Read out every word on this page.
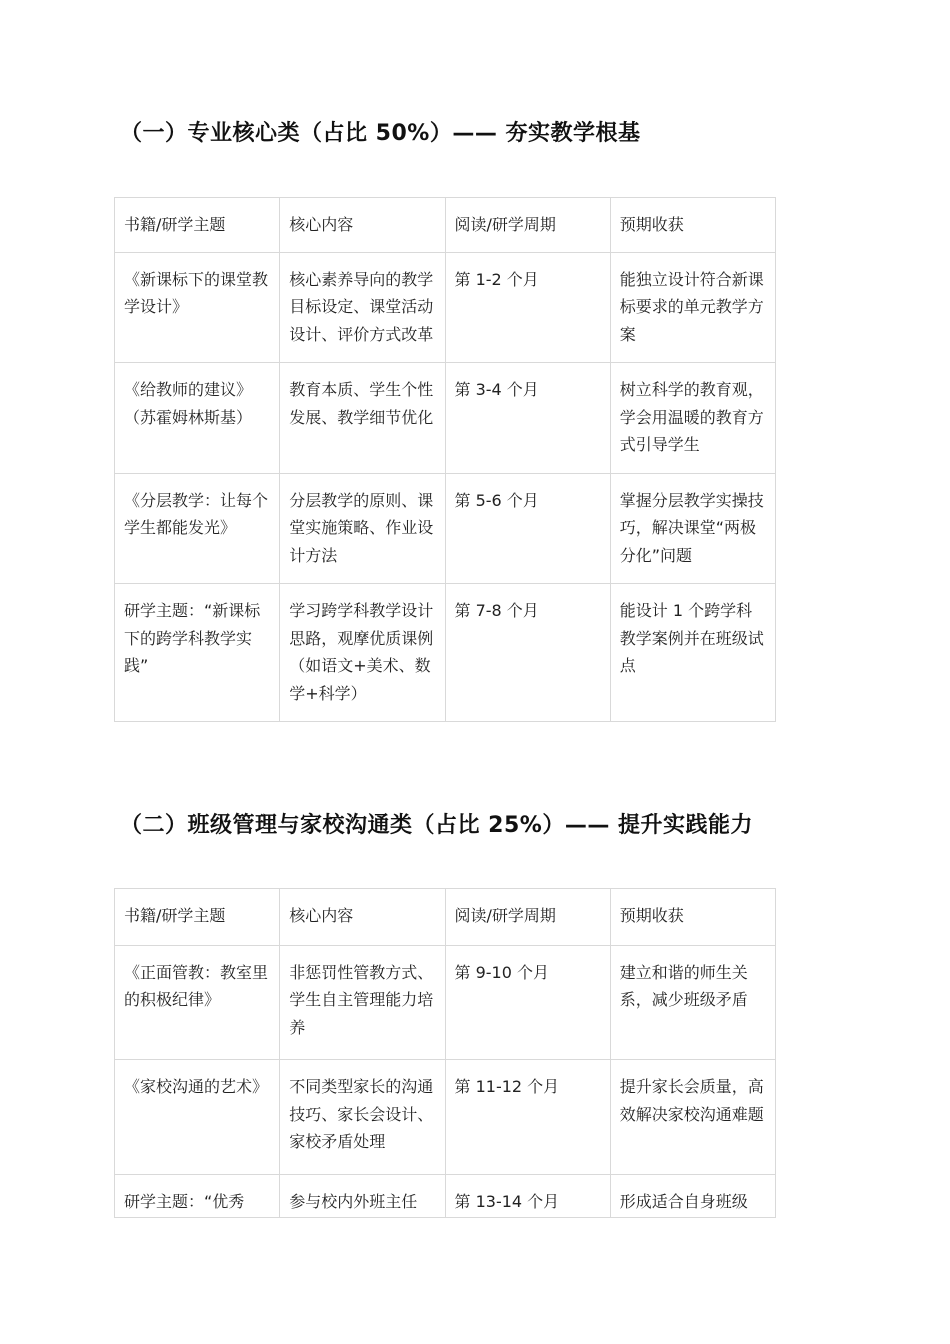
（一）专业核心类（占比 50%）—— 夯实教学根基
书籍/研学主题	核心内容	阅读/研学周期	预期收获
《新课标下的课堂教学设计》	核心素养导向的教学目标设定、课堂活动设计、评价方式改革	第 1-2 个月	能独立设计符合新课标要求的单元教学方案
《给教师的建议》（苏霍姆林斯基）	教育本质、学生个性发展、教学细节优化	第 3-4 个月	树立科学的教育观，学会用温暖的教育方式引导学生
《分层教学：让每个学生都能发光》	分层教学的原则、课堂实施策略、作业设计方法	第 5-6 个月	掌握分层教学实操技巧，解决课堂“两极分化”问题
研学主题：“新课标下的跨学科教学实践”	学习跨学科教学设计思路，观摩优质课例（如语文+美术、数学+科学）	第 7-8 个月	能设计 1 个跨学科教学案例并在班级试点
（二）班级管理与家校沟通类（占比 25%）—— 提升实践能力
书籍/研学主题	核心内容	阅读/研学周期	预期收获
《正面管教：教室里的积极纪律》	非惩罚性管教方式、学生自主管理能力培养	第 9-10 个月	建立和谐的师生关系，减少班级矛盾
《家校沟通的艺术》	不同类型家长的沟通技巧、家长会设计、家校矛盾处理	第 11-12 个月	提升家长会质量，高效解决家校沟通难题
研学主题：“优秀	参与校内外班主任	第 13-14 个月	形成适合自身班级
